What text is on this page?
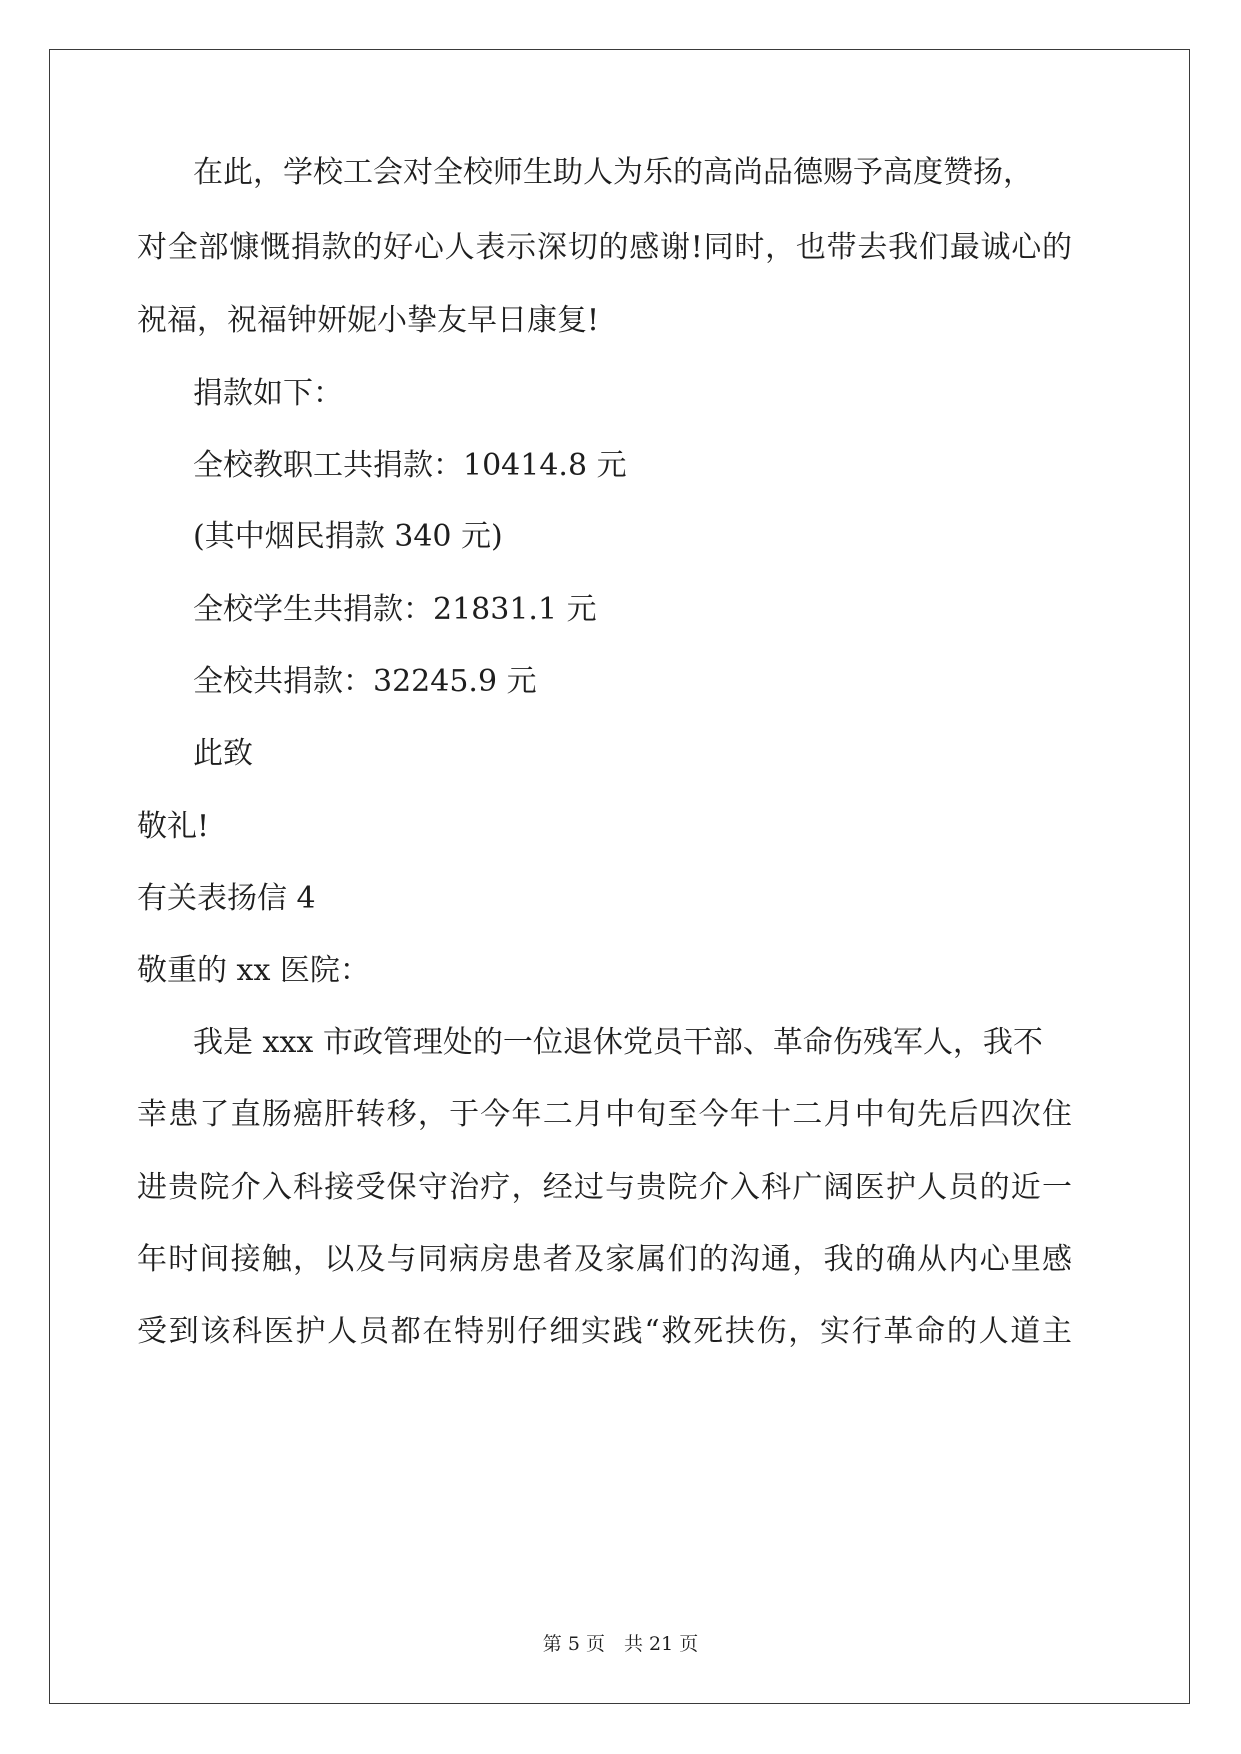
在此，学校工会对全校师生助人为乐的高尚品德赐予高度赞扬，
对全部慷慨捐款的好心人表示深切的感谢!同时，也带去我们最诚心的
祝福，祝福钟妍妮小挚友早日康复!
捐款如下：
全校教职工共捐款：10414.8 元
(其中烟民捐款 340 元)
全校学生共捐款：21831.1 元
全校共捐款：32245.9 元
此致
敬礼!
有关表扬信 4
敬重的 xx 医院：
我是 xxx 市政管理处的一位退休党员干部、革命伤残军人，我不
幸患了直肠癌肝转移，于今年二月中旬至今年十二月中旬先后四次住
进贵院介入科接受保守治疗，经过与贵院介入科广阔医护人员的近一
年时间接触，以及与同病房患者及家属们的沟通，我的确从内心里感
受到该科医护人员都在特别仔细实践“救死扶伤，实行革命的人道主
第 5 页　共 21 页
